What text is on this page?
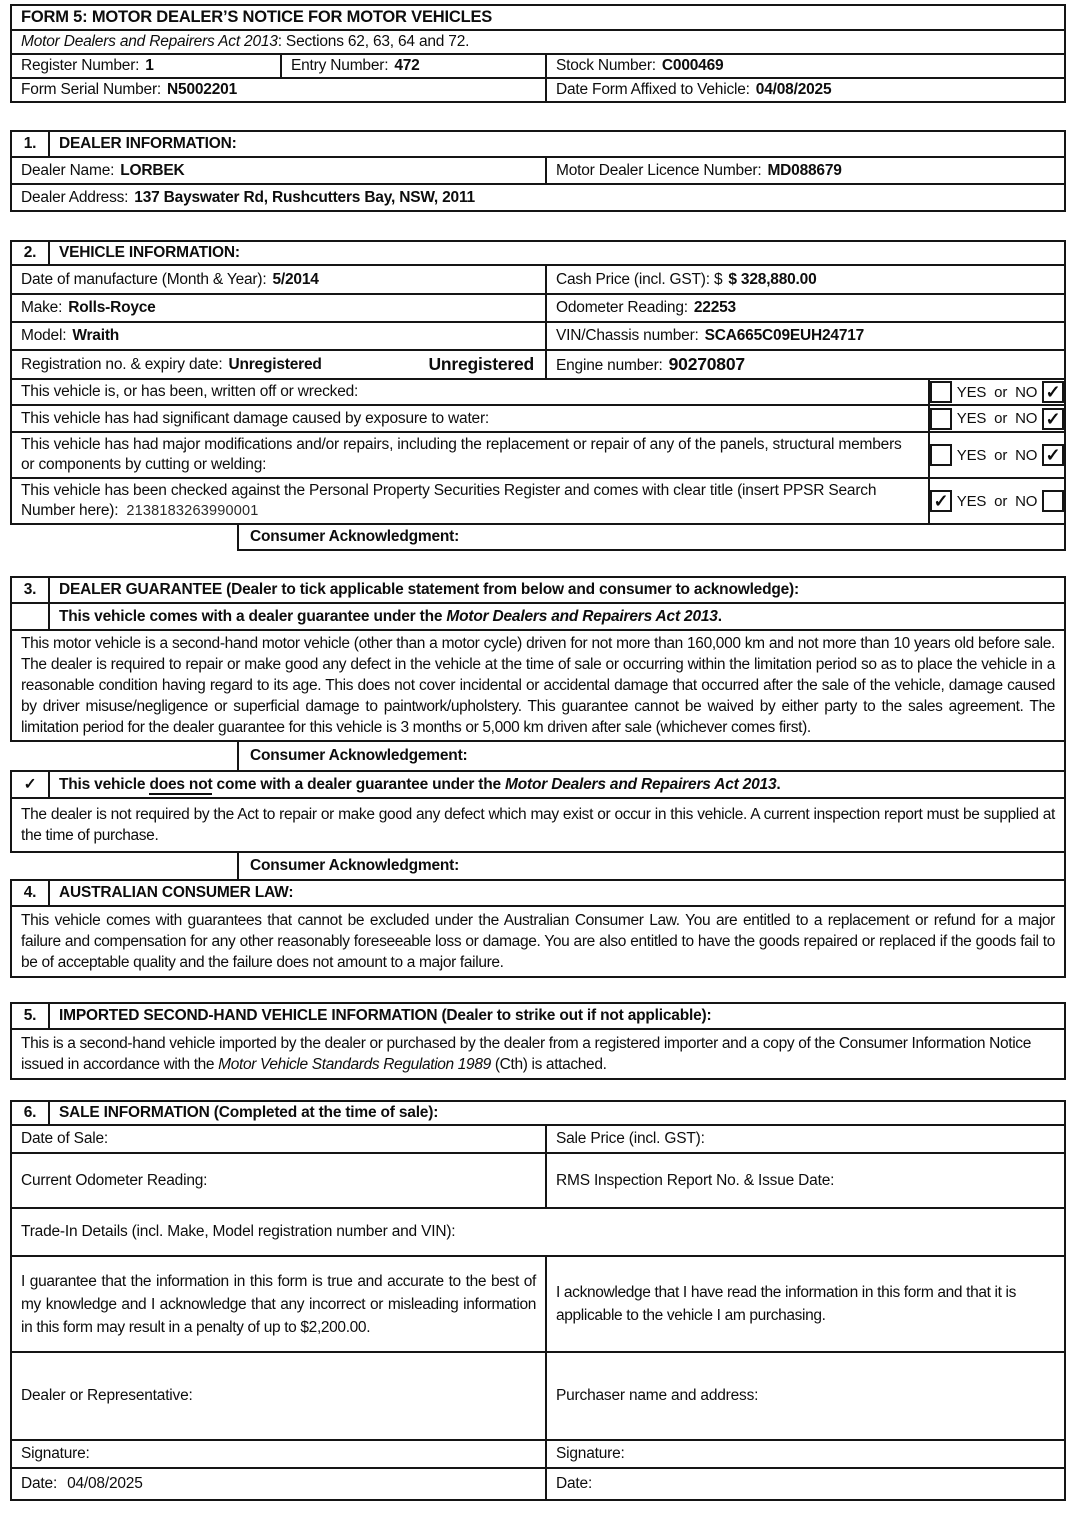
FORM 5: MOTOR DEALER’S NOTICE FOR MOTOR VEHICLES		
Motor Dealers and Repairers Act 2013: Sections 62, 63, 64 and 72.		
Register Number: 1	Entry Number: 472	Stock Number: C000469
Form Serial Number: N5002201		Date Form Affixed to Vehicle: 04/08/2025
1.	DEALER INFORMATION:	
Dealer Name: LORBEK		Motor Dealer Licence Number: MD088679
Dealer Address: 137 Bayswater Rd, Rushcutters Bay, NSW, 2011		
2.	VEHICLE INFORMATION:	
Date of manufacture (Month & Year): 5/2014		Cash Price (incl. GST): $ $ 328,880.00
Make: Rolls-Royce		Odometer Reading: 22253
Model: Wraith		VIN/Chassis number: SCA665C09EUH24717

Registration no. & expiry date: Unregistered Unregistered		Engine number: 90270807
This vehicle is, or has been, written off or wrecked:	YES or NO ✓

This vehicle has had significant damage caused by exposure to water:	YES or NO ✓

This vehicle has had major modifications and/or repairs, including the replacement or repair of any of the panels, structural members or components by cutting or welding:	YES or NO ✓

This vehicle has been checked against the Personal Property Securities Register and comes with clear title (insert PPSR Search Number here): 2138183263990001	✓ YES or NO
Consumer Acknowledgment:
3.	DEALER GUARANTEE (Dealer to tick applicable statement from below and consumer to acknowledge):
	This vehicle comes with a dealer guarantee under the Motor Dealers and Repairers Act 2013.
This motor vehicle is a second-hand motor vehicle (other than a motor cycle) driven for not more than 160,000 km and not more than 10 years old before sale. The dealer is required to repair or make good any defect in the vehicle at the time of sale or occurring within the limitation period so as to place the vehicle in a reasonable condition having regard to its age. This does not cover incidental or accidental damage that occurred after the sale of the vehicle, damage caused by driver misuse/negligence or superficial damage to paintwork/upholstery. This guarantee cannot be waived by either party to the sales agreement. The limitation period for the dealer guarantee for this vehicle is 3 months or 5,000 km driven after sale (whichever comes first).	
Consumer Acknowledgement:
✓	This vehicle does not come with a dealer guarantee under the Motor Dealers and Repairers Act 2013.
The dealer is not required by the Act to repair or make good any defect which may exist or occur in this vehicle. A current inspection report must be supplied at the time of purchase.
Consumer Acknowledgment:
4.	AUSTRALIAN CONSUMER LAW:
This vehicle comes with guarantees that cannot be excluded under the Australian Consumer Law. You are entitled to a replacement or refund for a major failure and compensation for any other reasonably foreseeable loss or damage. You are also entitled to have the goods repaired or replaced if the goods fail to be of acceptable quality and the failure does not amount to a major failure.
5.	IMPORTED SECOND-HAND VEHICLE INFORMATION (Dealer to strike out if not applicable):
This is a second-hand vehicle imported by the dealer or purchased by the dealer from a registered importer and a copy of the Consumer Information Notice issued in accordance with the Motor Vehicle Standards Regulation 1989 (Cth) is attached.
6.	SALE INFORMATION (Completed at the time of sale):	
Date of Sale:		Sale Price (incl. GST):
Current Odometer Reading:		RMS Inspection Report No. & Issue Date:
Trade-In Details (incl. Make, Model registration number and VIN):		
I guarantee that the information in this form is true and accurate to the best of my knowledge and I acknowledge that any incorrect or misleading information in this form may result in a penalty of up to $2,200.00.		I acknowledge that I have read the information in this form and that it is applicable to the vehicle I am purchasing.
Dealer or Representative:		Purchaser name and address:
Signature:		Signature:
Date: 04/08/2025		Date:
